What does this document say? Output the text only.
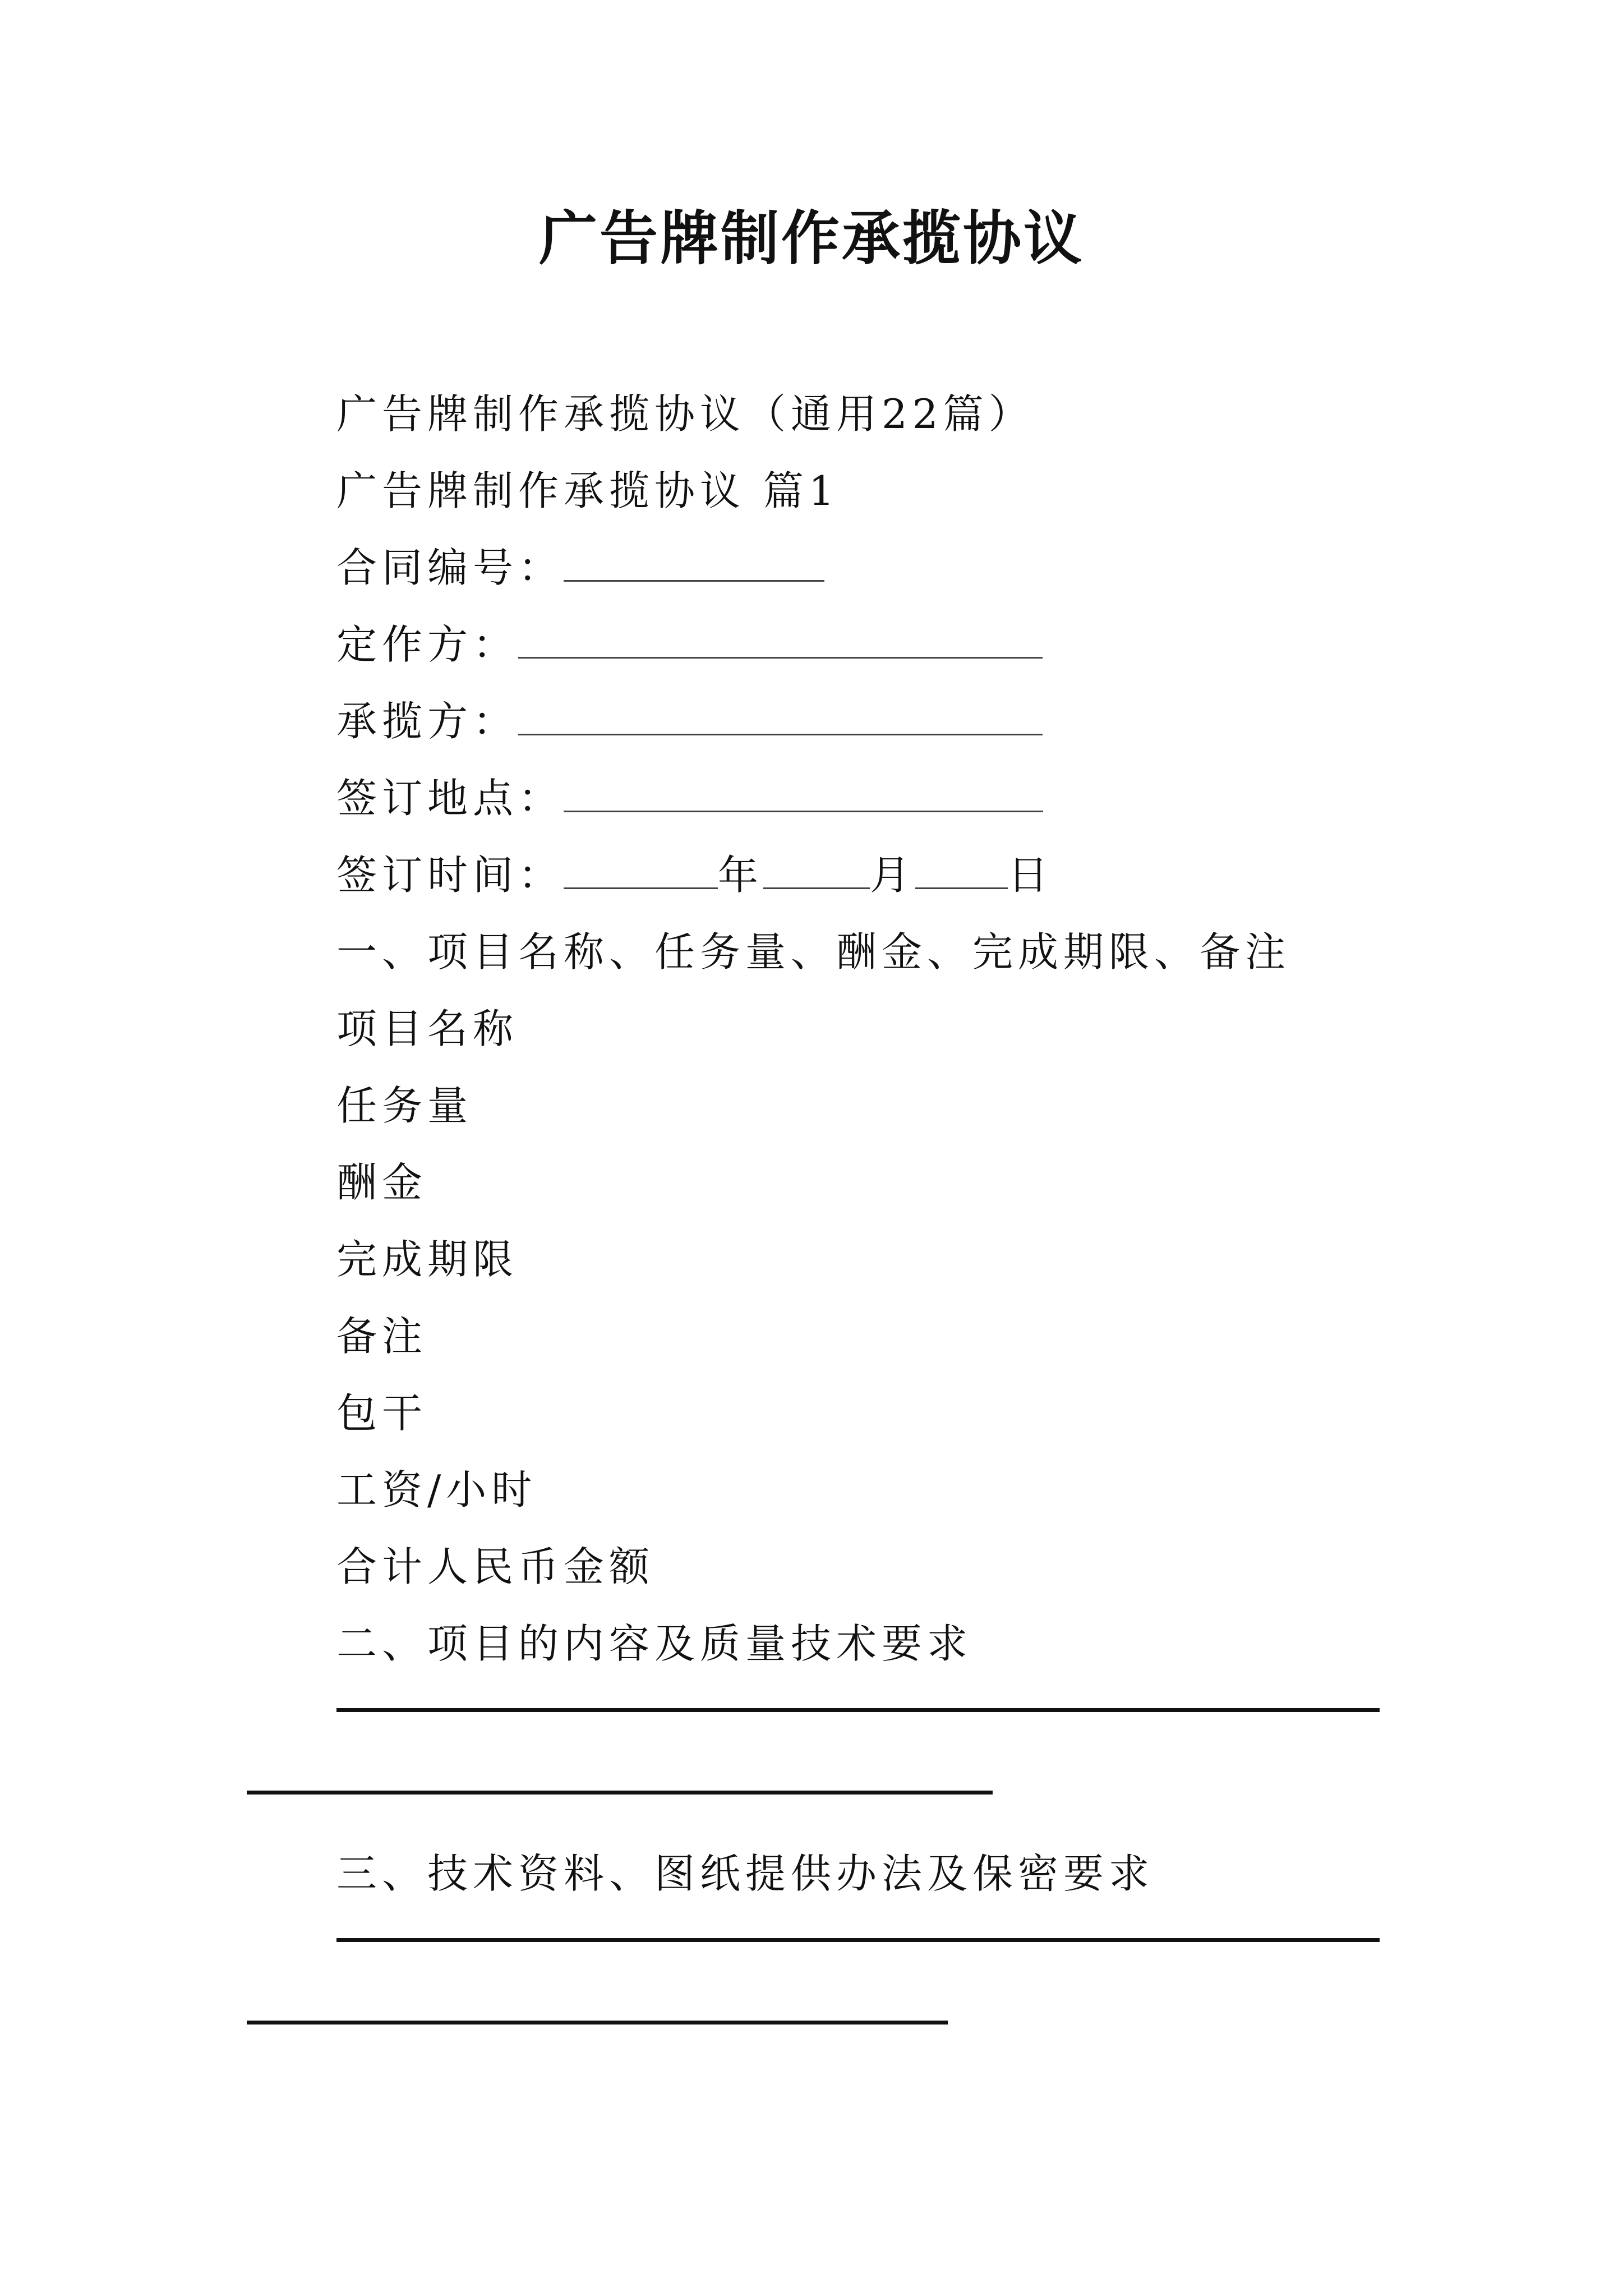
广告牌制作承揽协议
广告牌制作承揽协议（通用22篇）
广告牌制作承揽协议 篇1
合同编号：
定作方：
承揽方：
签订地点：
签订时间：	年	月 日
一、项目名称、任务量、酬金、完成期限、备注
项目名称
任务量
酬金
完成期限
备注
包干
工资/小时
合计人民币金额
二、项目的内容及质量技术要求
三、技术资料、图纸提供办法及保密要求
